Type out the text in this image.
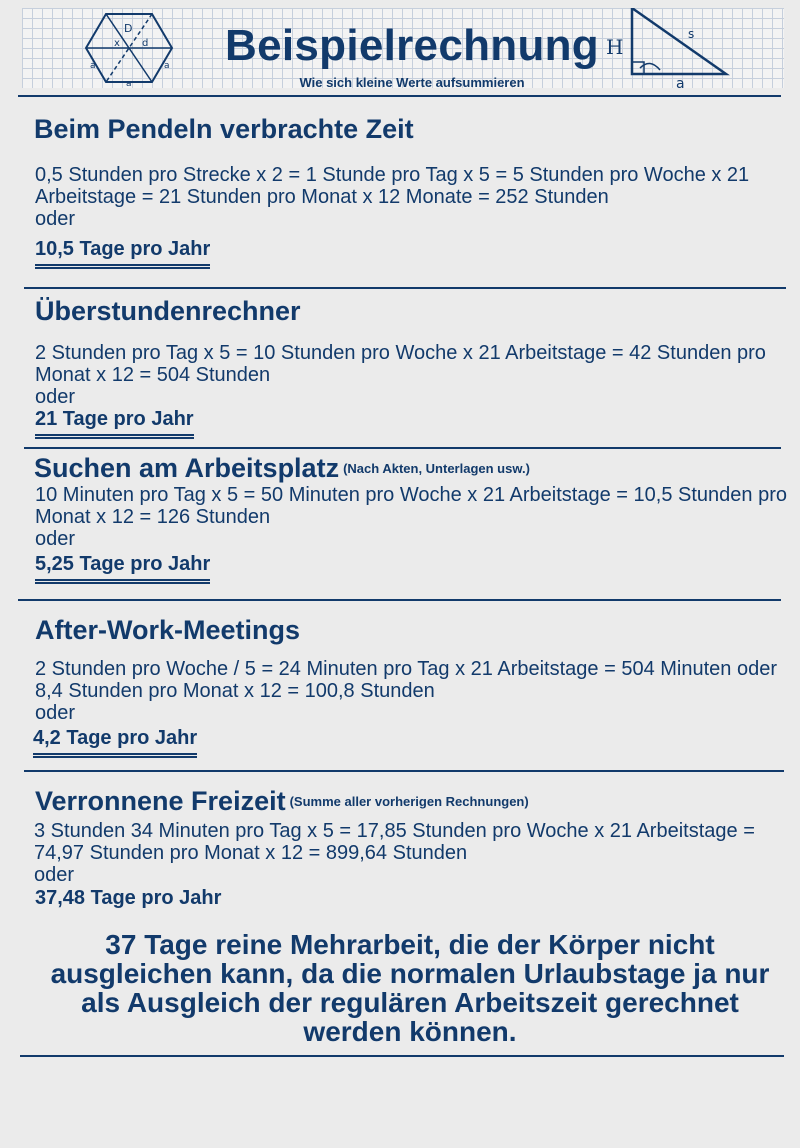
D
x d
a	a
a
H
s
a
Beispielrechnung
Wie sich kleine Werte aufsummieren
Beim Pendeln verbrachte Zeit
0,5 Stunden pro Strecke x 2 = 1 Stunde pro Tag x 5 = 5 Stunden pro Woche x 21 Arbeitstage = 21 Stunden pro Monat x 12 Monate = 252 Stunden
oder
10,5 Tage pro Jahr
Überstundenrechner
2 Stunden pro Tag x 5 = 10 Stunden pro Woche x 21 Arbeitstage = 42 Stunden pro Monat x 12 = 504 Stunden
oder
21 Tage pro Jahr
Suchen am Arbeitsplatz (Nach Akten, Unterlagen usw.)
10 Minuten pro Tag x 5 = 50 Minuten pro Woche x 21 Arbeitstage = 10,5 Stunden pro Monat x 12 = 126 Stunden
oder
5,25 Tage pro Jahr
After-Work-Meetings
2 Stunden pro Woche / 5 = 24 Minuten pro Tag x 21 Arbeitstage = 504 Minuten oder 8,4 Stunden pro Monat x 12 = 100,8 Stunden
oder
4,2 Tage pro Jahr
Verronnene Freizeit (Summe aller vorherigen Rechnungen)
3 Stunden 34 Minuten pro Tag x 5 = 17,85 Stunden pro Woche x 21 Arbeitstage = 74,97 Stunden pro Monat x 12 = 899,64 Stunden
oder
37,48 Tage pro Jahr
37 Tage reine Mehrarbeit, die der Körper nicht ausgleichen kann, da die normalen Urlaubstage ja nur als Ausgleich der regulären Arbeitszeit gerechnet werden können.
